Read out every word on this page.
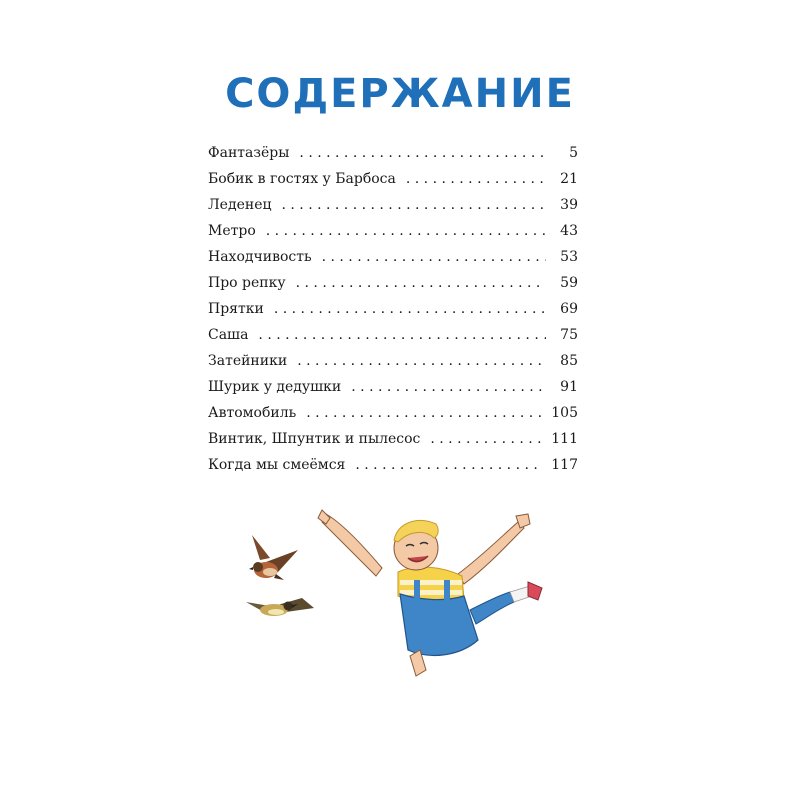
СОДЕРЖАНИЕ
Фантазёры . . .	5
Бобик в гостях у Барбоса . . .	21
Леденец . . .	39
Метро . . .	43
Находчивость . . .	53
Про репку . . .	59
Прятки . . .	69
Саша . . .	75
Затейники . . .	85
Шурик у дедушки . . .	91
Автомобиль . . .	105
Винтик, Шпунтик и пылесос . . .	111
Когда мы смеёмся . . .	117
